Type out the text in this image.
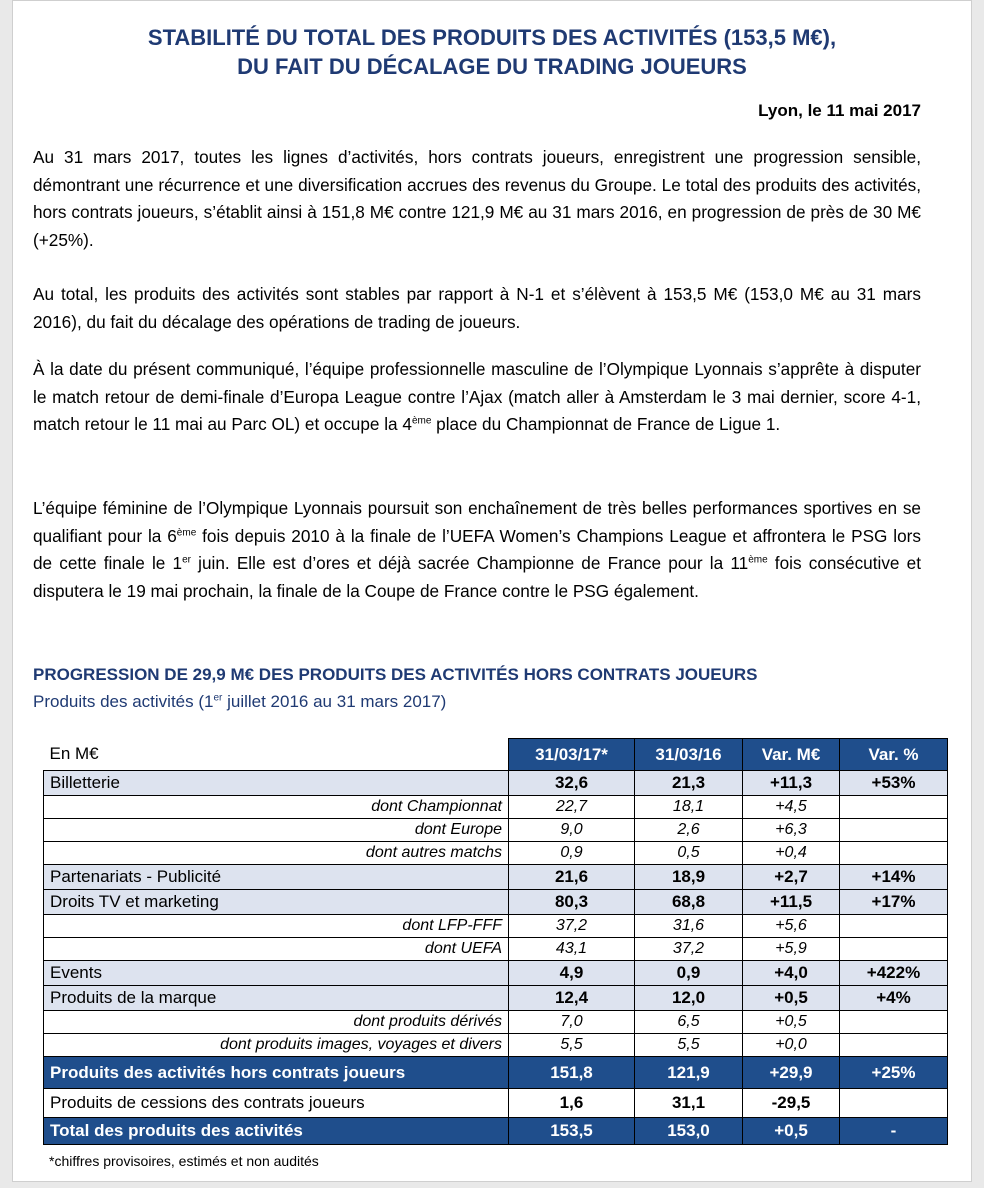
STABILITÉ DU TOTAL DES PRODUITS DES ACTIVITÉS (153,5 M€),
DU FAIT DU DÉCALAGE DU TRADING JOUEURS
Lyon, le 11 mai 2017
Au 31 mars 2017, toutes les lignes d’activités, hors contrats joueurs, enregistrent une progression sensible, démontrant une récurrence et une diversification accrues des revenus du Groupe. Le total des produits des activités, hors contrats joueurs, s’établit ainsi à 151,8 M€ contre 121,9 M€ au 31 mars 2016, en progression de près de 30 M€ (+25%).
Au total, les produits des activités sont stables par rapport à N-1 et s’élèvent à 153,5 M€ (153,0 M€ au 31 mars 2016), du fait du décalage des opérations de trading de joueurs.
À la date du présent communiqué, l’équipe professionnelle masculine de l’Olympique Lyonnais s’apprête à disputer le match retour de demi-finale d’Europa League contre l’Ajax (match aller à Amsterdam le 3 mai dernier, score 4-1, match retour le 11 mai au Parc OL) et occupe la 4ème place du Championnat de France de Ligue 1.
L’équipe féminine de l’Olympique Lyonnais poursuit son enchaînement de très belles performances sportives en se qualifiant pour la 6ème fois depuis 2010 à la finale de l’UEFA Women’s Champions League et affrontera le PSG lors de cette finale le 1er juin. Elle est d’ores et déjà sacrée Championne de France pour la 11ème fois consécutive et disputera le 19 mai prochain, la finale de la Coupe de France contre le PSG également.
PROGRESSION DE 29,9 M€ DES PRODUITS DES ACTIVITÉS HORS CONTRATS JOUEURS
Produits des activités (1er juillet 2016 au 31 mars 2017)
En M€	31/03/17*	31/03/16	Var. M€	Var. %
Billetterie	32,6	21,3	+11,3	+53%
dont Championnat	22,7	18,1	+4,5	
dont Europe	9,0	2,6	+6,3	
dont autres matchs	0,9	0,5	+0,4	
Partenariats - Publicité	21,6	18,9	+2,7	+14%
Droits TV et marketing	80,3	68,8	+11,5	+17%
dont LFP-FFF	37,2	31,6	+5,6	
dont UEFA	43,1	37,2	+5,9	
Events	4,9	0,9	+4,0	+422%
Produits de la marque	12,4	12,0	+0,5	+4%
dont produits dérivés	7,0	6,5	+0,5	
dont produits images, voyages et divers	5,5	5,5	+0,0	
Produits des activités hors contrats joueurs	151,8	121,9	+29,9	+25%
Produits de cessions des contrats joueurs	1,6	31,1	-29,5	
Total des produits des activités	153,5	153,0	+0,5	-
*chiffres provisoires, estimés et non audités
